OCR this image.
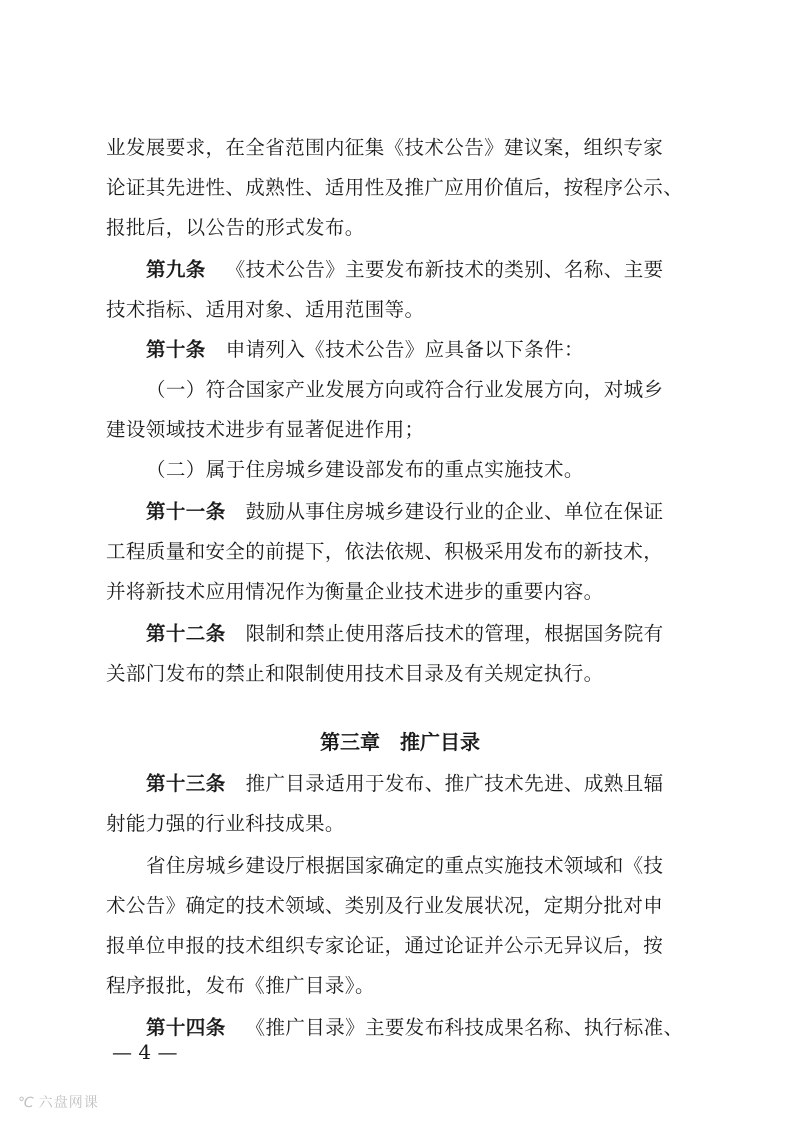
业发展要求，在全省范围内征集《技术公告》建议案，组织专家
论证其先进性、成熟性、适用性及推广应用价值后，按程序公示、
报批后，以公告的形式发布。
第九条 《技术公告》主要发布新技术的类别、名称、主要
技术指标、适用对象、适用范围等。
第十条 申请列入《技术公告》应具备以下条件：
（一）符合国家产业发展方向或符合行业发展方向，对城乡
建设领域技术进步有显著促进作用；
（二）属于住房城乡建设部发布的重点实施技术。
第十一条 鼓励从事住房城乡建设行业的企业、单位在保证
工程质量和安全的前提下，依法依规、积极采用发布的新技术，
并将新技术应用情况作为衡量企业技术进步的重要内容。
第十二条 限制和禁止使用落后技术的管理，根据国务院有
关部门发布的禁止和限制使用技术目录及有关规定执行。
第三章　推广目录
第十三条 推广目录适用于发布、推广技术先进、成熟且辐
射能力强的行业科技成果。
省住房城乡建设厅根据国家确定的重点实施技术领域和《技
术公告》确定的技术领域、类别及行业发展状况，定期分批对申
报单位申报的技术组织专家论证，通过论证并公示无异议后，按
程序报批，发布《推广目录》。
第十四条 《推广目录》主要发布科技成果名称、执行标准、
— 4 —
℃ 六盘网课
